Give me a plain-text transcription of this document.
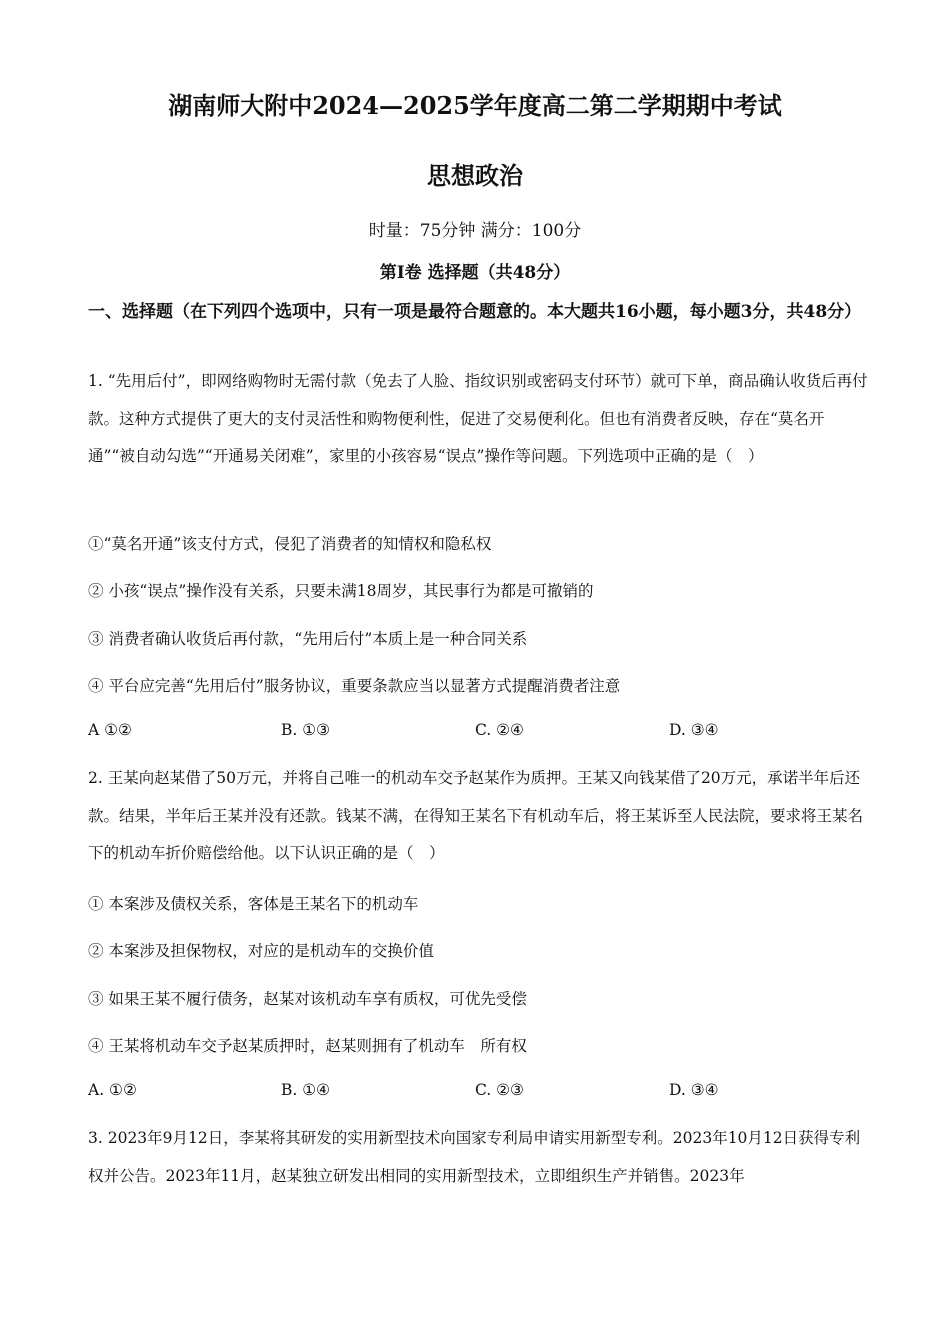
湖南师大附中2024—2025学年度高二第二学期期中考试
思想政治
时量：75分钟 满分：100分
第Ⅰ卷 选择题（共48分）
一、选择题（在下列四个选项中，只有一项是最符合题意的。本大题共16小题，每小题3分，共48分）
1. “先用后付”，即网络购物时无需付款（免去了人脸、指纹识别或密码支付环节）就可下单，商品确认收货后再付款。这种方式提供了更大的支付灵活性和购物便利性，促进了交易便利化。但也有消费者反映，存在“莫名开通”“被自动勾选”“开通易关闭难”，家里的小孩容易“误点”操作等问题。下列选项中正确的是（　）
①“莫名开通”该支付方式，侵犯了消费者的知情权和隐私权
② 小孩“误点”操作没有关系，只要未满18周岁，其民事行为都是可撤销的
③ 消费者确认收货后再付款，“先用后付”本质上是一种合同关系
④ 平台应完善“先用后付”服务协议，重要条款应当以显著方式提醒消费者注意
A ①②	B. ①③	C. ②④	D. ③④
2. 王某向赵某借了50万元，并将自己唯一的机动车交予赵某作为质押。王某又向钱某借了20万元，承诺半年后还款。结果，半年后王某并没有还款。钱某不满，在得知王某名下有机动车后，将王某诉至人民法院，要求将王某名下的机动车折价赔偿给他。以下认识正确的是（　）
① 本案涉及债权关系，客体是王某名下的机动车
② 本案涉及担保物权，对应的是机动车的交换价值
③ 如果王某不履行债务，赵某对该机动车享有质权，可优先受偿
④ 王某将机动车交予赵某质押时，赵某则拥有了机动车　所有权
A. ①②	B. ①④	C. ②③	D. ③④
3. 2023年9月12日，李某将其研发的实用新型技术向国家专利局申请实用新型专利。2023年10月12日获得专利权并公告。2023年11月，赵某独立研发出相同的实用新型技术，立即组织生产并销售。2023年
